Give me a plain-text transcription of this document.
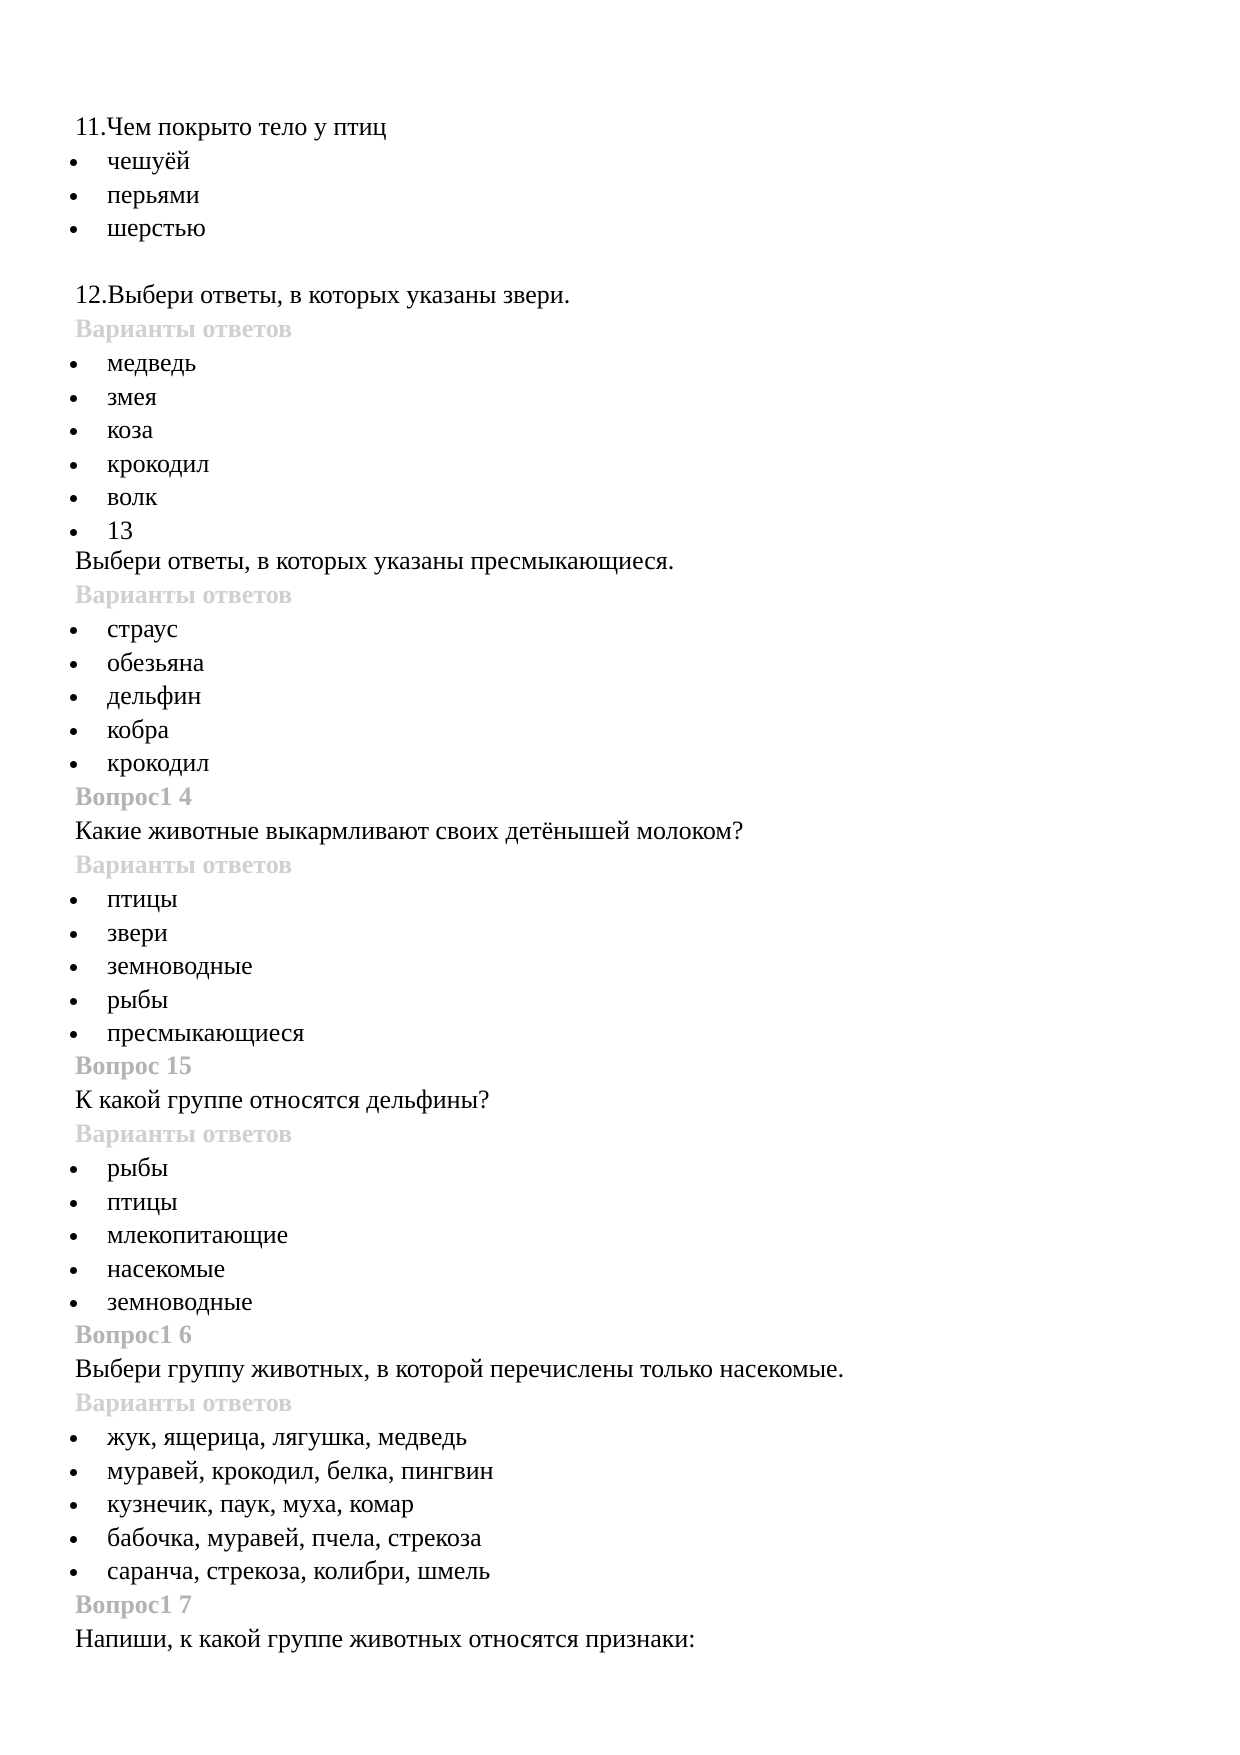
11.Чем покрыто тело у птиц
чешуёй
перьями
шерстью
12.Выбери ответы, в которых указаны звери.
Варианты ответов
медведь
змея
коза
крокодил
волк
13
Выбери ответы, в которых указаны пресмыкающиеся.
Варианты ответов
страус
обезьяна
дельфин
кобра
крокодил
Вопрос1 4
Какие животные выкармливают своих детёнышей молоком?
Варианты ответов
птицы
звери
земноводные
рыбы
пресмыкающиеся
Вопрос 15
К какой группе относятся дельфины?
Варианты ответов
рыбы
птицы
млекопитающие
насекомые
земноводные
Вопрос1 6
Выбери группу животных, в которой перечислены только насекомые.
Варианты ответов
жук, ящерица, лягушка, медведь
муравей, крокодил, белка, пингвин
кузнечик, паук, муха, комар
бабочка, муравей, пчела, стрекоза
саранча, стрекоза, колибри, шмель
Вопрос1 7
Напиши, к какой группе животных относятся признаки:
